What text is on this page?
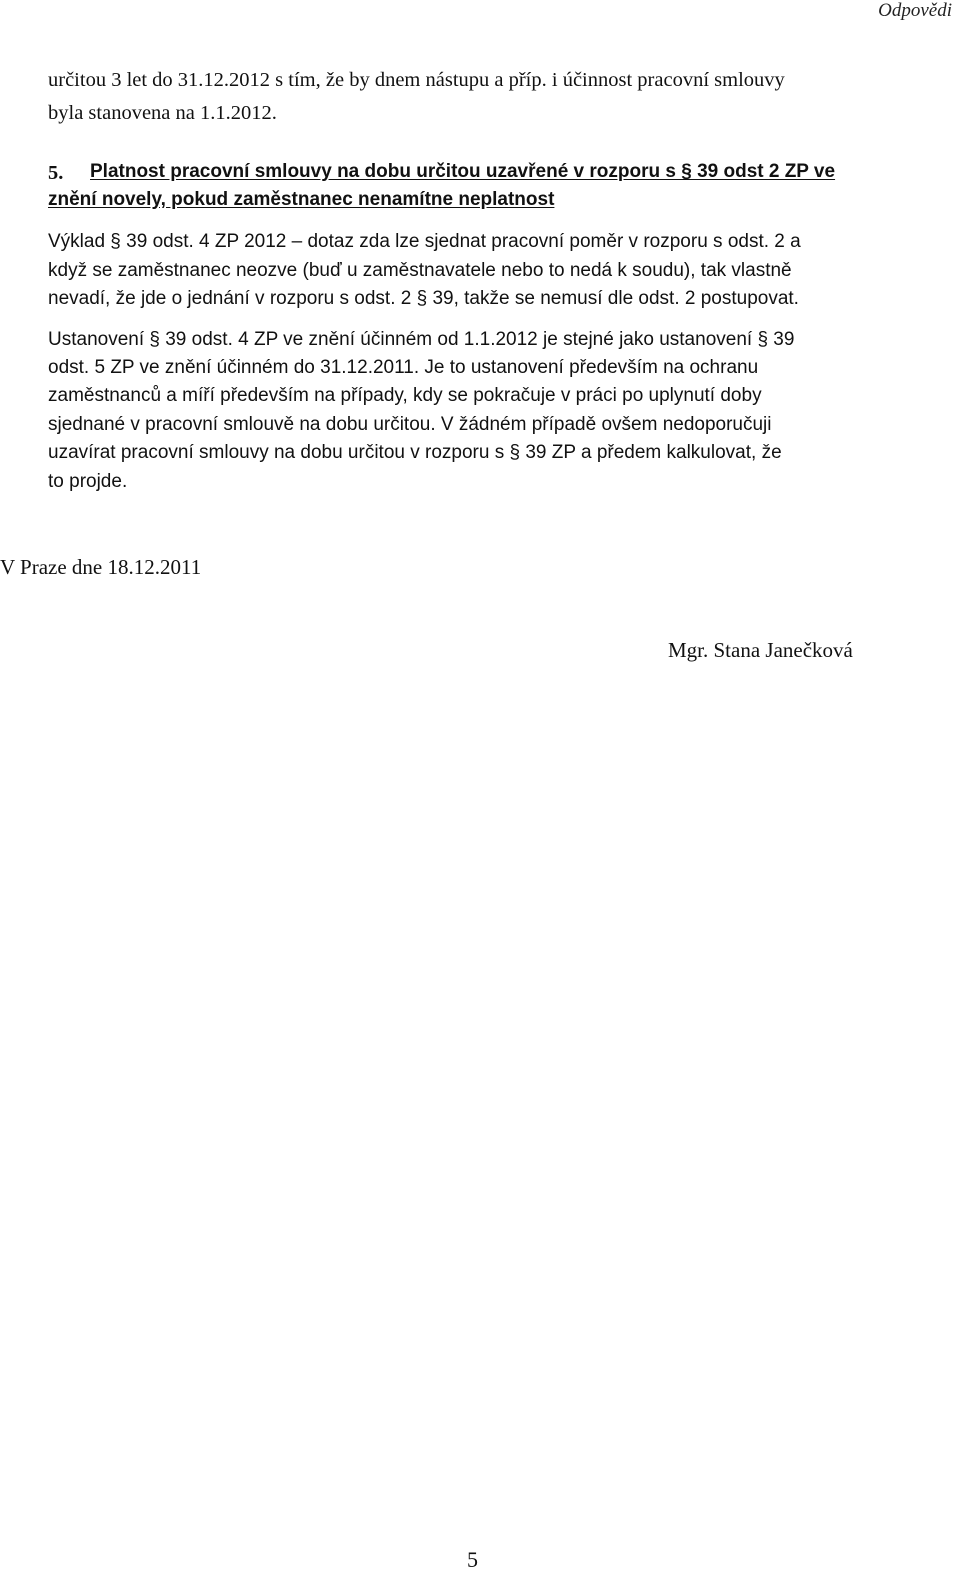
Odpovědi
určitou 3 let do 31.12.2012 s tím, že by dnem nástupu a příp. i účinnost pracovní smlouvy
byla stanovena na 1.1.2012.
5. Platnost pracovní smlouvy na dobu určitou uzavřené v rozporu s § 39 odst 2 ZP ve
znění novely, pokud zaměstnanec nenamítne neplatnost
Výklad § 39 odst. 4 ZP 2012 – dotaz zda lze sjednat pracovní poměr v rozporu s odst. 2 a
když se zaměstnanec neozve (buď u zaměstnavatele nebo to nedá k soudu), tak vlastně
nevadí, že jde o jednání v rozporu s odst. 2 § 39, takže se nemusí dle odst. 2 postupovat.
Ustanovení § 39 odst. 4 ZP ve znění účinném od 1.1.2012 je stejné jako ustanovení § 39
odst. 5 ZP ve znění účinném do 31.12.2011. Je to ustanovení především na ochranu
zaměstnanců a míří především na případy, kdy se pokračuje v práci po uplynutí doby
sjednané v pracovní smlouvě na dobu určitou. V žádném případě ovšem nedoporučuji
uzavírat pracovní smlouvy na dobu určitou v rozporu s § 39 ZP a předem kalkulovat, že
to projde.
V Praze dne 18.12.2011
Mgr. Stana Janečková
5
